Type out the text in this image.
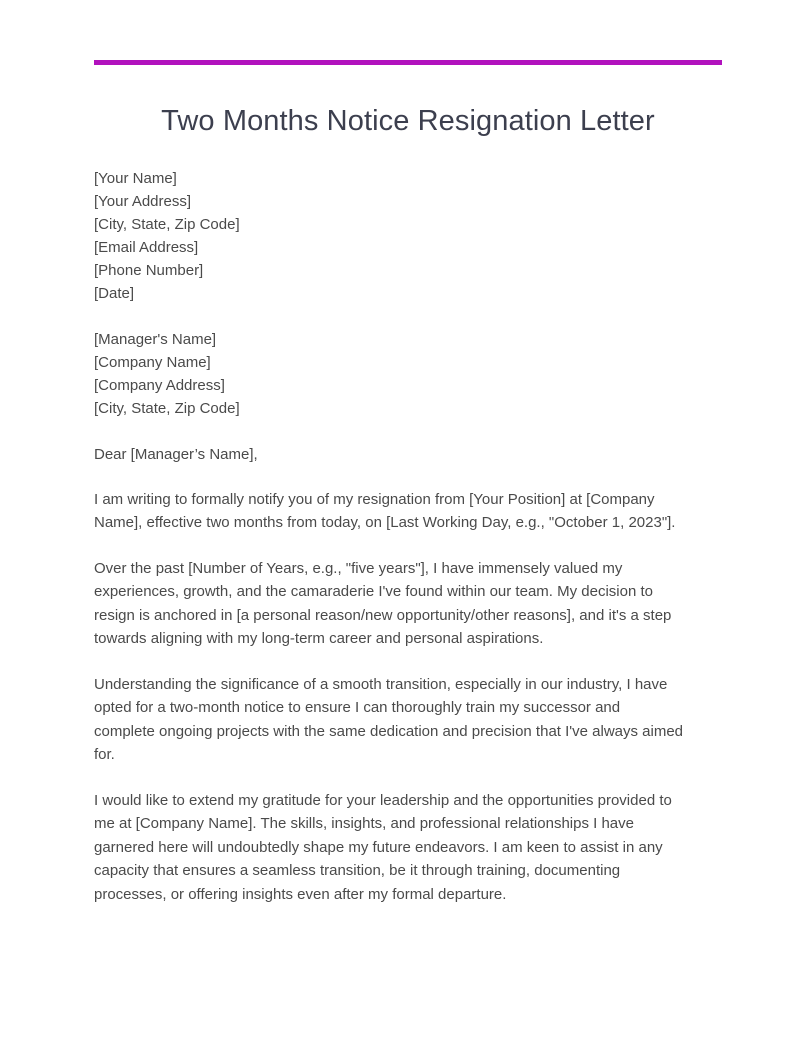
Two Months Notice Resignation Letter
[Your Name]
[Your Address]
[City, State, Zip Code]
[Email Address]
[Phone Number]
[Date]
[Manager's Name]
[Company Name]
[Company Address]
[City, State, Zip Code]
Dear [Manager’s Name],

I am writing to formally notify you of my resignation from [Your Position] at [Company Name], effective two months from today, on [Last Working Day, e.g., "October 1, 2023"].

Over the past [Number of Years, e.g., "five years"], I have immensely valued my experiences, growth, and the camaraderie I've found within our team. My decision to resign is anchored in [a personal reason/new opportunity/other reasons], and it's a step towards aligning with my long-term career and personal aspirations.

Understanding the significance of a smooth transition, especially in our industry, I have opted for a two-month notice to ensure I can thoroughly train my successor and complete ongoing projects with the same dedication and precision that I've always aimed for.

I would like to extend my gratitude for your leadership and the opportunities provided to me at [Company Name]. The skills, insights, and professional relationships I have garnered here will undoubtedly shape my future endeavors. I am keen to assist in any capacity that ensures a seamless transition, be it through training, documenting processes, or offering insights even after my formal departure.
